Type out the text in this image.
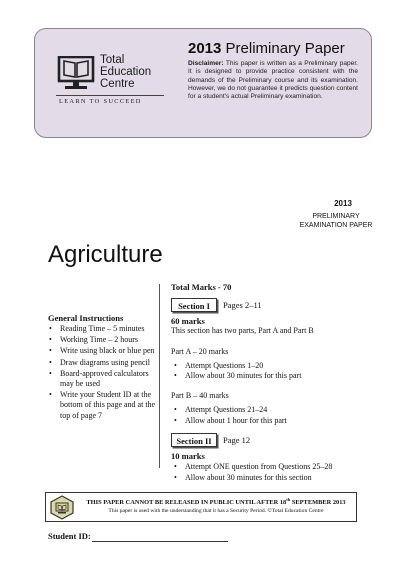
Total
Education
Centre
LEARN TO SUCCEED
2013 Preliminary Paper
Disclaimer: This paper is written as a Preliminary paper. It is designed to provide practice consistent with the demands of the Preliminary course and its examination. However, we do not guarantee it predicts question content for a student's actual Preliminary examination.
2013
PRELIMINARY
EXAMINATION PAPER
Agriculture
General Instructions
• Reading Time – 5 minutes
• Working Time – 2 hours
• Write using black or blue pen
• Draw diagrams using pencil
• Board-approved calculators may be used
• Write your Student ID at the bottom of this page and at the top of page 7
Total Marks - 70
Section I	Pages 2–11
60 marks
This section has two parts, Part A and Part B
Part A – 20 marks
• Attempt Questions 1–20
• Allow about 30 minutes for this part
Part B – 40 marks
• Attempt Questions 21–24
• Allow about 1 hour for this part
Section II	Page 12
10 marks
• Attempt ONE question from Questions 25–28
• Allow about 30 minutes for this section
THIS PAPER CANNOT BE RELEASED IN PUBLIC UNTIL AFTER 18th SEPTEMBER 2013
This paper is used with the understanding that it has a Security Period. ©Total Education Centre
Student ID:
